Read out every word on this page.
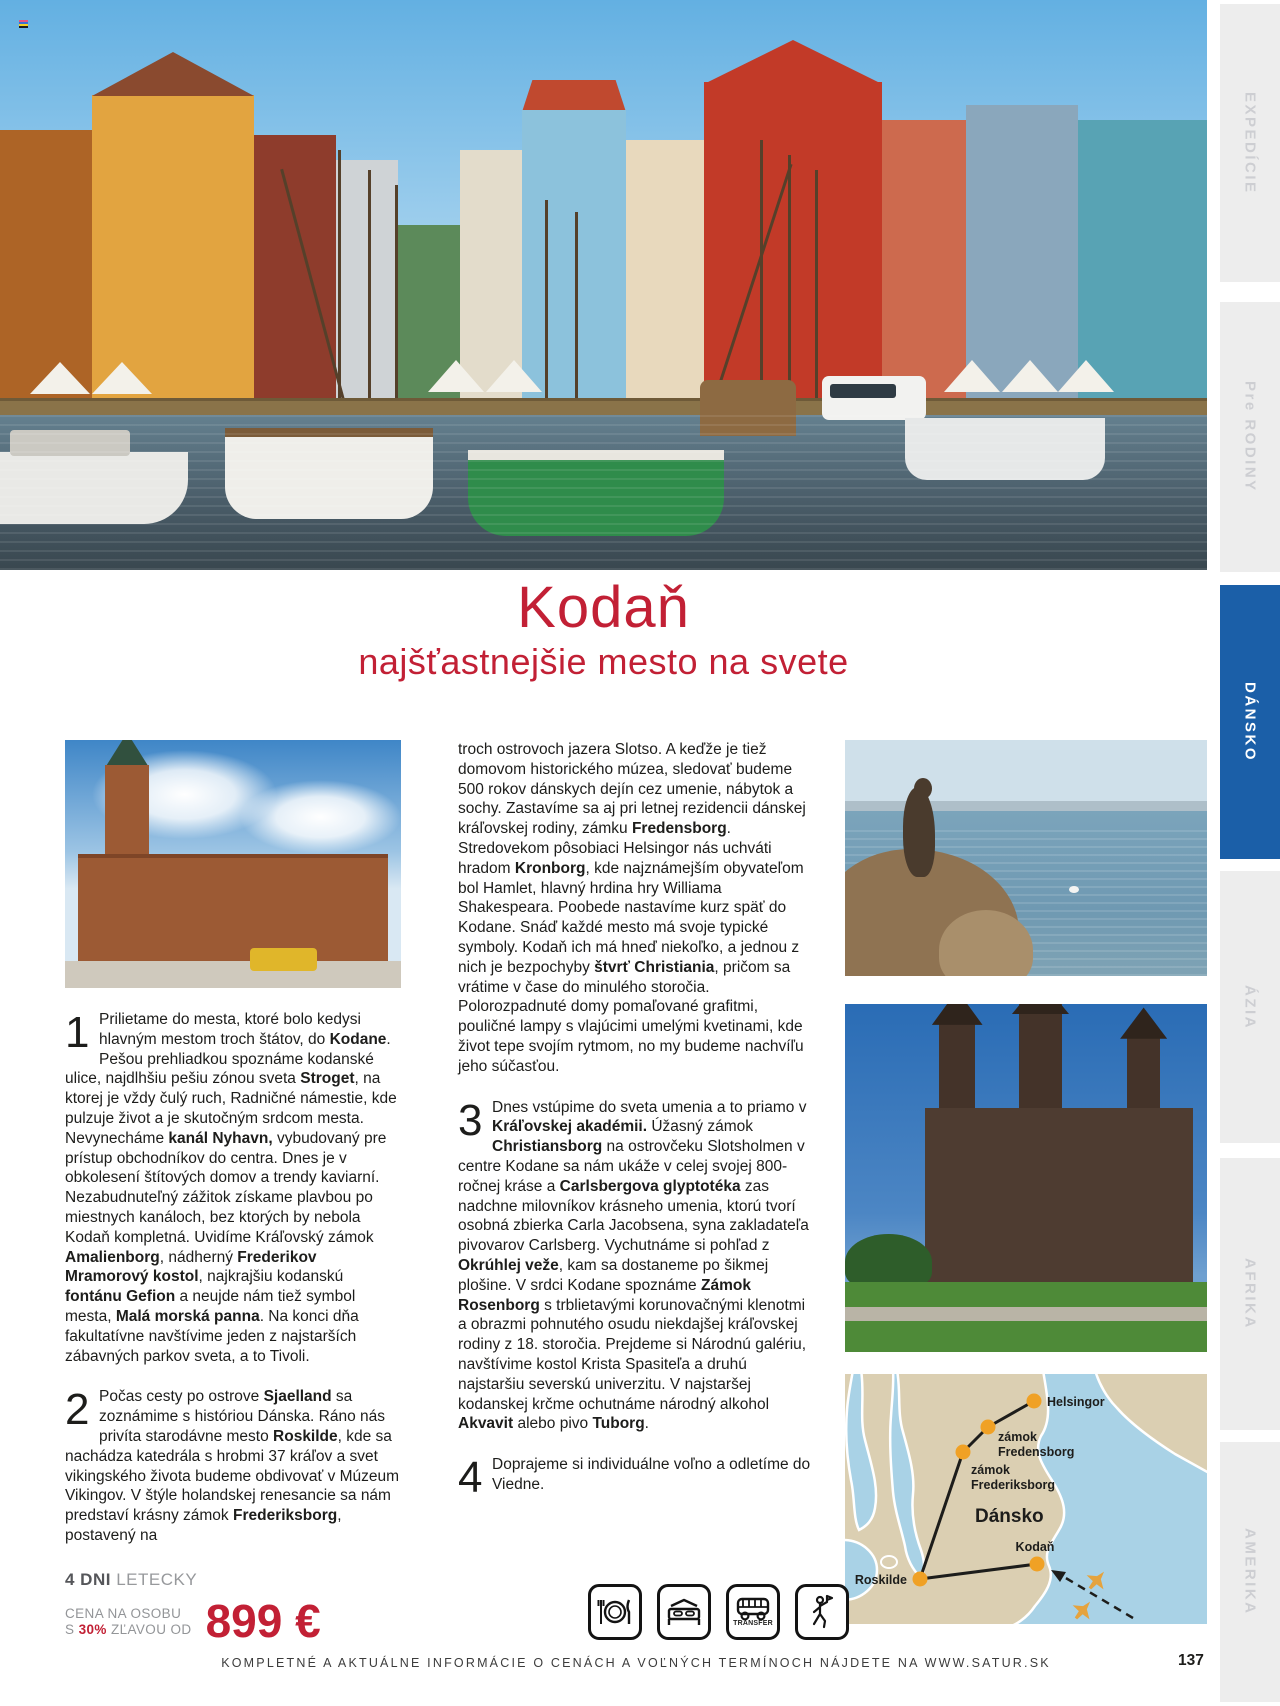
EXPEDÍCIE
Pre RODINY
DÁNSKO
ÁZIA
AFRIKA
AMERIKA
Kodaň
najšťastnejšie mesto na svete
1 Prilietame do mesta, ktoré bolo kedysi hlavným mestom troch štátov, do Kodane. Pešou prehliadkou spoznáme kodanské ulice, najdlhšiu pešiu zónou sveta Stroget, na ktorej je vždy čulý ruch, Radničné námestie, kde pulzuje život a je skutočným srdcom mesta. Nevynecháme kanál Nyhavn, vybudovaný pre prístup obchodníkov do centra. Dnes je v obkolesení štítových domov a trendy kaviarní. Nezabudnuteľný zážitok získame plavbou po miestnych kanáloch, bez ktorých by nebola Kodaň kompletná. Uvidíme Kráľovský zámok Amalienborg, nádherný Frederikov Mramorový kostol, najkrajšiu kodanskú fontánu Gefion a neujde nám tiež symbol mesta, Malá morská panna. Na konci dňa fakultatívne navštívime jeden z najstarších zábavných parkov sveta, a to Tivoli.

2 Počas cesty po ostrove Sjaelland sa zoznámime s históriou Dánska. Ráno nás privíta starodávne mesto Roskilde, kde sa nachádza katedrála s hrobmi 37 kráľov a svet vikingského života budeme obdivovať v Múzeum Vikingov. V štýle holandskej renesancie sa nám predstaví krásny zámok Frederiksborg, postavený na

troch ostrovoch jazera Slotso. A keďže je tiež domovom historického múzea, sledovať budeme 500 rokov dánskych dejín cez umenie, nábytok a sochy. Zastavíme sa aj pri letnej rezidencii dánskej kráľovskej rodiny, zámku Fredensborg. Stredovekom pôsobiaci Helsingor nás uchváti hradom Kronborg, kde najznámejším obyvateľom bol Hamlet, hlavný hrdina hry Williama Shakespeara. Poobede nastavíme kurz späť do Kodane. Snáď každé mesto má svoje typické symboly. Kodaň ich má hneď niekoľko, a jednou z nich je bezpochyby štvrť Christiania, pričom sa vrátime v čase do minulého storočia. Polorozpadnuté domy pomaľované grafitmi, pouličné lampy s vlajúcimi umelými kvetinami, kde život tepe svojím rytmom, no my budeme nachvíľu jeho súčasťou.

3 Dnes vstúpime do sveta umenia a to priamo v Kráľovskej akadémii. Úžasný zámok Christiansborg na ostrovčeku Slotsholmen v centre Kodane sa nám ukáže v celej svojej 800-ročnej kráse a Carlsbergova glyptotéka zas nadchne milovníkov krásneho umenia, ktorú tvorí osobná zbierka Carla Jacobsena, syna zakladateľa pivovarov Carlsberg. Vychutnáme si pohľad z Okrúhlej veže, kam sa dostaneme po šikmej plošine. V srdci Kodane spoznáme Zámok Rosenborg s trblietavými korunovačnými klenotmi a obrazmi pohnutého osudu niekdajšej kráľovskej rodiny z 18. storočia. Prejdeme si Národnú galériu, navštívime kostol Krista Spasiteľa a druhú najstaršiu severskú univerzitu. V najstaršej kodanskej krčme ochutnáme národný alkohol Akvavit alebo pivo Tuborg.

4 Doprajeme si individuálne voľno a odletíme do Viedne.

Helsingor
zámok
Fredensborg
zámok
Frederiksborg
Dánsko
Roskilde
Kodaň
4 DNI LETECKY
CENA NA OSOBU
S 30% ZĽAVOU OD 899 €	TRANSFER
KOMPLETNÉ A AKTUÁLNE INFORMÁCIE O CENÁCH A VOĽNÝCH TERMÍNOCH NÁJDETE NA WWW.SATUR.SK	137
